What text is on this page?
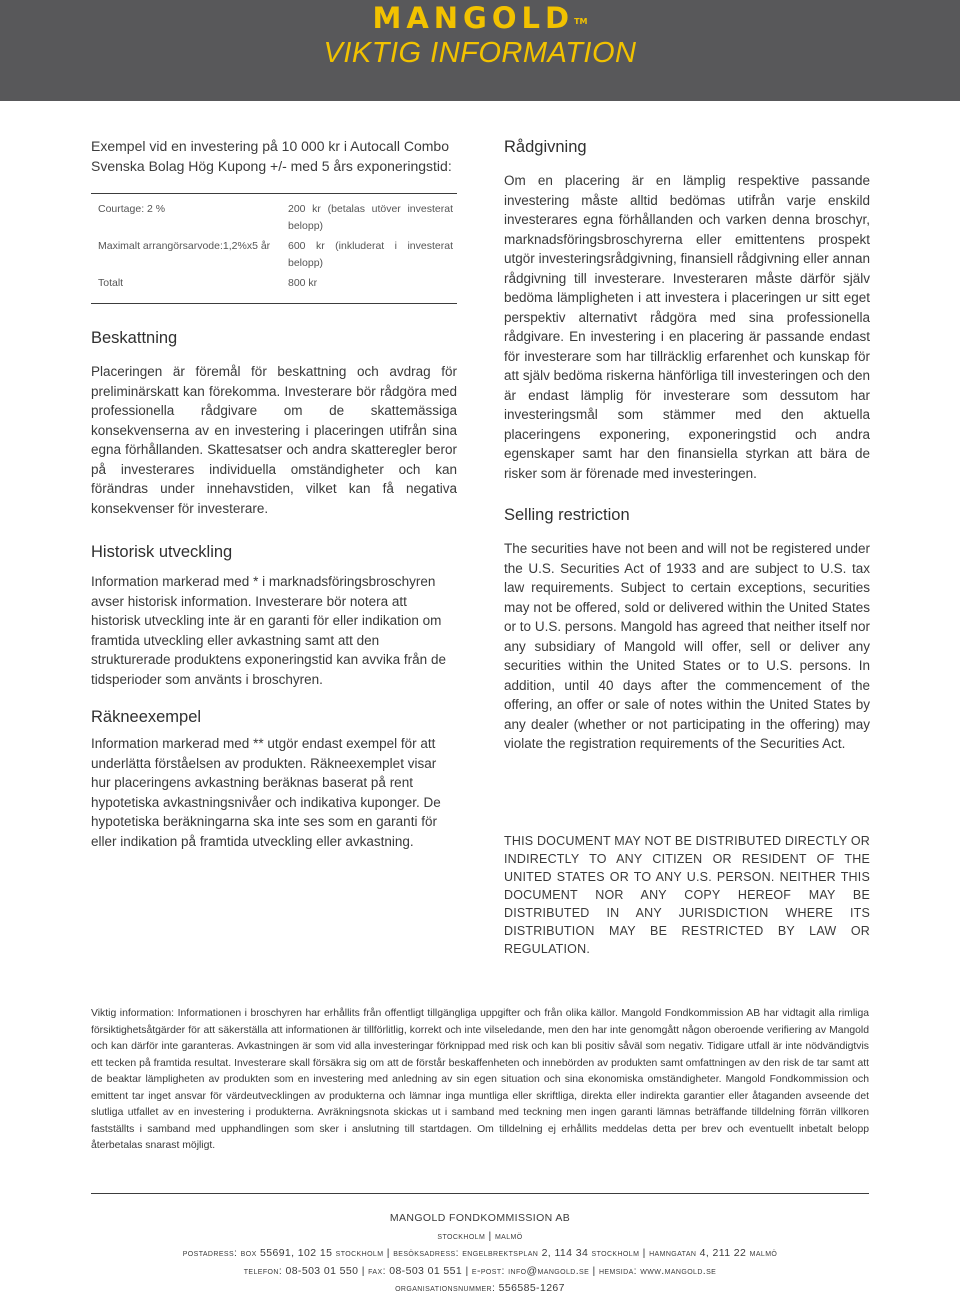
MANGOLD™
VIKTIG INFORMATION

Exempel vid en investering på 10 000 kr i Autocall Combo Svenska Bolag Hög Kupong +/- med 5 års exponeringstid:

Courtage: 2 %	200 kr (betalas utöver investerat belopp)
Maximalt arrangörsarvode:1,2%x5 år	600 kr (inkluderat i investerat belopp)
Totalt	800 kr
Beskattning

Placeringen är föremål för beskattning och avdrag för preliminärskatt kan förekomma. Investerare bör rådgöra med professionella rådgivare om de skattemässiga konsekvenserna av en investering i placeringen utifrån sina egna förhållanden. Skattesatser och andra skatteregler beror på investerares individuella omständigheter och kan förändras under innehavstiden, vilket kan få negativa konsekvenser för investerare.

Historisk utveckling

Information markerad med * i marknadsföringsbroschyren avser historisk information. Investerare bör notera att historisk utveckling inte är en garanti för eller indikation om framtida utveckling eller avkastning samt att den strukturerade produktens exponeringstid kan avvika från de tidsperioder som använts i broschyren.

Räkneexempel

Information markerad med ** utgör endast exempel för att underlätta förståelsen av produkten. Räkneexemplet visar hur placeringens avkastning beräknas baserat på rent hypotetiska avkastningsnivåer och indikativa kuponger. De hypotetiska beräkningarna ska inte ses som en garanti för eller indikation på framtida utveckling eller avkastning.

Rådgivning

Om en placering är en lämplig respektive passande investering måste alltid bedömas utifrån varje enskild investerares egna förhållanden och varken denna broschyr, marknadsföringsbroschyrerna eller emittentens prospekt utgör investeringsrådgivning, finansiell rådgivning eller annan rådgivning till investerare. Investeraren måste därför själv bedöma lämpligheten i att investera i placeringen ur sitt eget perspektiv alternativt rådgöra med sina professionella rådgivare. En investering i en placering är passande endast för investerare som har tillräcklig erfarenhet och kunskap för att själv bedöma riskerna hänförliga till investeringen och den är endast lämplig för investerare som dessutom har investeringsmål som stämmer med den aktuella placeringens exponering, exponeringstid och andra egenskaper samt har den finansiella styrkan att bära de risker som är förenade med investeringen.

Selling restriction

The securities have not been and will not be registered under the U.S. Securities Act of 1933 and are subject to U.S. tax law requirements. Subject to certain exceptions, securities may not be offered, sold or delivered within the United States or to U.S. persons. Mangold has agreed that neither itself nor any subsidiary of Mangold will offer, sell or deliver any securities within the United States or to U.S. persons. In addition, until 40 days after the commencement of the offering, an offer or sale of notes within the United States by any dealer (whether or not participating in the offering) may violate the registration requirements of the Securities Act.

THIS DOCUMENT MAY NOT BE DISTRIBUTED DIRECTLY OR INDIRECTLY TO ANY CITIZEN OR RESIDENT OF THE UNITED STATES OR TO ANY U.S. PERSON. NEITHER THIS DOCUMENT NOR ANY COPY HEREOF MAY BE DISTRIBUTED IN ANY JURISDICTION WHERE ITS DISTRIBUTION MAY BE RESTRICTED BY LAW OR REGULATION.
Viktig information: Informationen i broschyren har erhållits från offentligt tillgängliga uppgifter och från olika källor. Mangold Fondkommission AB har vidtagit alla rimliga försiktighetsåtgärder för att säkerställa att informationen är tillförlitlig, korrekt och inte vilseledande, men den har inte genomgått någon oberoende verifiering av Mangold och kan därför inte garanteras. Avkastningen är som vid alla investeringar förknippad med risk och kan bli positiv såväl som negativ. Tidigare utfall är inte nödvändigtvis ett tecken på framtida resultat. Investerare skall försäkra sig om att de förstår beskaffenheten och innebörden av produkten samt omfattningen av den risk de tar samt att de beaktar lämpligheten av produkten som en investering med anledning av sin egen situation och sina ekonomiska omständigheter. Mangold Fondkommission och emittent tar inget ansvar för värdeutvecklingen av produkterna och lämnar inga muntliga eller skriftliga, direkta eller indirekta garantier eller åtaganden avseende det slutliga utfallet av en investering i produkterna. Avräkningsnota skickas ut i samband med teckning men ingen garanti lämnas beträffande tilldelning förrän villkoren fastställts i samband med upphandlingen som sker i anslutning till startdagen. Om tilldelning ej erhållits meddelas detta per brev och eventuellt inbetalt belopp återbetalas snarast möjligt.
MANGOLD FONDKOMMISSION AB
stockholm | malmö
postadress: box 55691, 102 15 stockholm | besöksadress: engelbrektsplan 2, 114 34 stockholm | hamngatan 4, 211 22 malmö
telefon: 08-503 01 550 | fax: 08-503 01 551 | e-post: info@mangold.se | hemsida: www.mangold.se
organisationsnummer: 556585-1267
